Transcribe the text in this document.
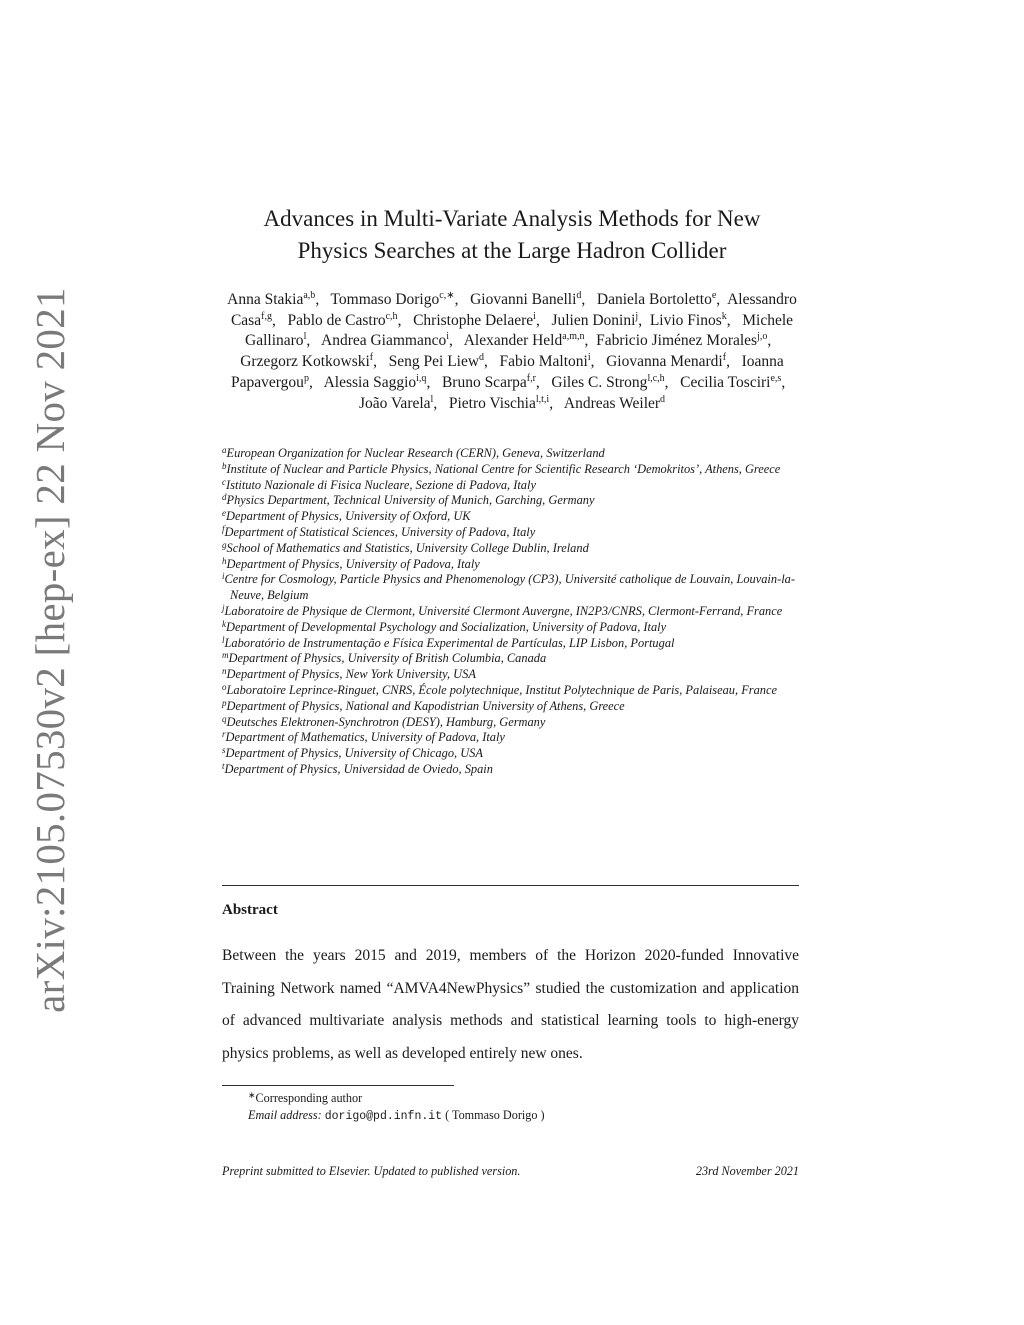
arXiv:2105.07530v2 [hep-ex] 22 Nov 2021
Advances in Multi-Variate Analysis Methods for New
Physics Searches at the Large Hadron Collider
Anna Stakia$^{a,b}$,   Tommaso Dorigo$^{c,∗}$,   Giovanni Banelli$^d$,   Daniela Bortoletto$^e$,  Alessandro Casa$^{f,g}$,   Pablo de Castro$^{c,h}$,   Christophe Delaere$^i$,   Julien Donini$^j$,  Livio Finos$^k$,   Michele Gallinaro$^l$,   Andrea Giammanco$^i$,   Alexander Held$^{a,m,n}$,  Fabricio Jiménez Morales$^{j,o}$,   Grzegorz Kotkowski$^f$,   Seng Pei Liew$^d$,   Fabio Maltoni$^i$,   Giovanna Menardi$^f$,   Ioanna Papavergou$^p$,   Alessia Saggio$^{i,q}$,   Bruno Scarpa$^{f,r}$,   Giles C. Strong$^{l,c,h}$,   Cecilia Tosciri$^{e,s}$,   João Varela$^l$,   Pietro Vischia$^{l,t,i}$,   Andreas Weiler$^d$
$^a$European Organization for Nuclear Research (CERN), Geneva, Switzerland
$^b$Institute of Nuclear and Particle Physics, National Centre for Scientific Research ‘Demokritos’, Athens, Greece
$^c$Istituto Nazionale di Fisica Nucleare, Sezione di Padova, Italy
$^d$Physics Department, Technical University of Munich, Garching, Germany
$^e$Department of Physics, University of Oxford, UK
$^f$Department of Statistical Sciences, University of Padova, Italy
$^g$School of Mathematics and Statistics, University College Dublin, Ireland
$^h$Department of Physics, University of Padova, Italy
$^i$Centre for Cosmology, Particle Physics and Phenomenology (CP3), Université catholique de Louvain, Louvain-la-Neuve, Belgium
$^j$Laboratoire de Physique de Clermont, Université Clermont Auvergne, IN2P3/CNRS, Clermont-Ferrand, France
$^k$Department of Developmental Psychology and Socialization, University of Padova, Italy
$^l$Laboratório de Instrumentação e Física Experimental de Partículas, LIP Lisbon, Portugal
$^m$Department of Physics, University of British Columbia, Canada
$^n$Department of Physics, New York University, USA
$^o$Laboratoire Leprince-Ringuet, CNRS, École polytechnique, Institut Polytechnique de Paris, Palaiseau, France
$^p$Department of Physics, National and Kapodistrian University of Athens, Greece
$^q$Deutsches Elektronen-Synchrotron (DESY), Hamburg, Germany
$^r$Department of Mathematics, University of Padova, Italy
$^s$Department of Physics, University of Chicago, USA
$^t$Department of Physics, Universidad de Oviedo, Spain
Abstract
Between the years 2015 and 2019, members of the Horizon 2020-funded Innovative Training Network named “AMVA4NewPhysics” studied the customization and application of advanced multivariate analysis methods and statistical learning tools to high-energy physics problems, as well as developed entirely new ones.
∗Corresponding author
Email address: dorigo@pd.infn.it ( Tommaso Dorigo )
Preprint submitted to Elsevier. Updated to published version.	23rd November 2021
